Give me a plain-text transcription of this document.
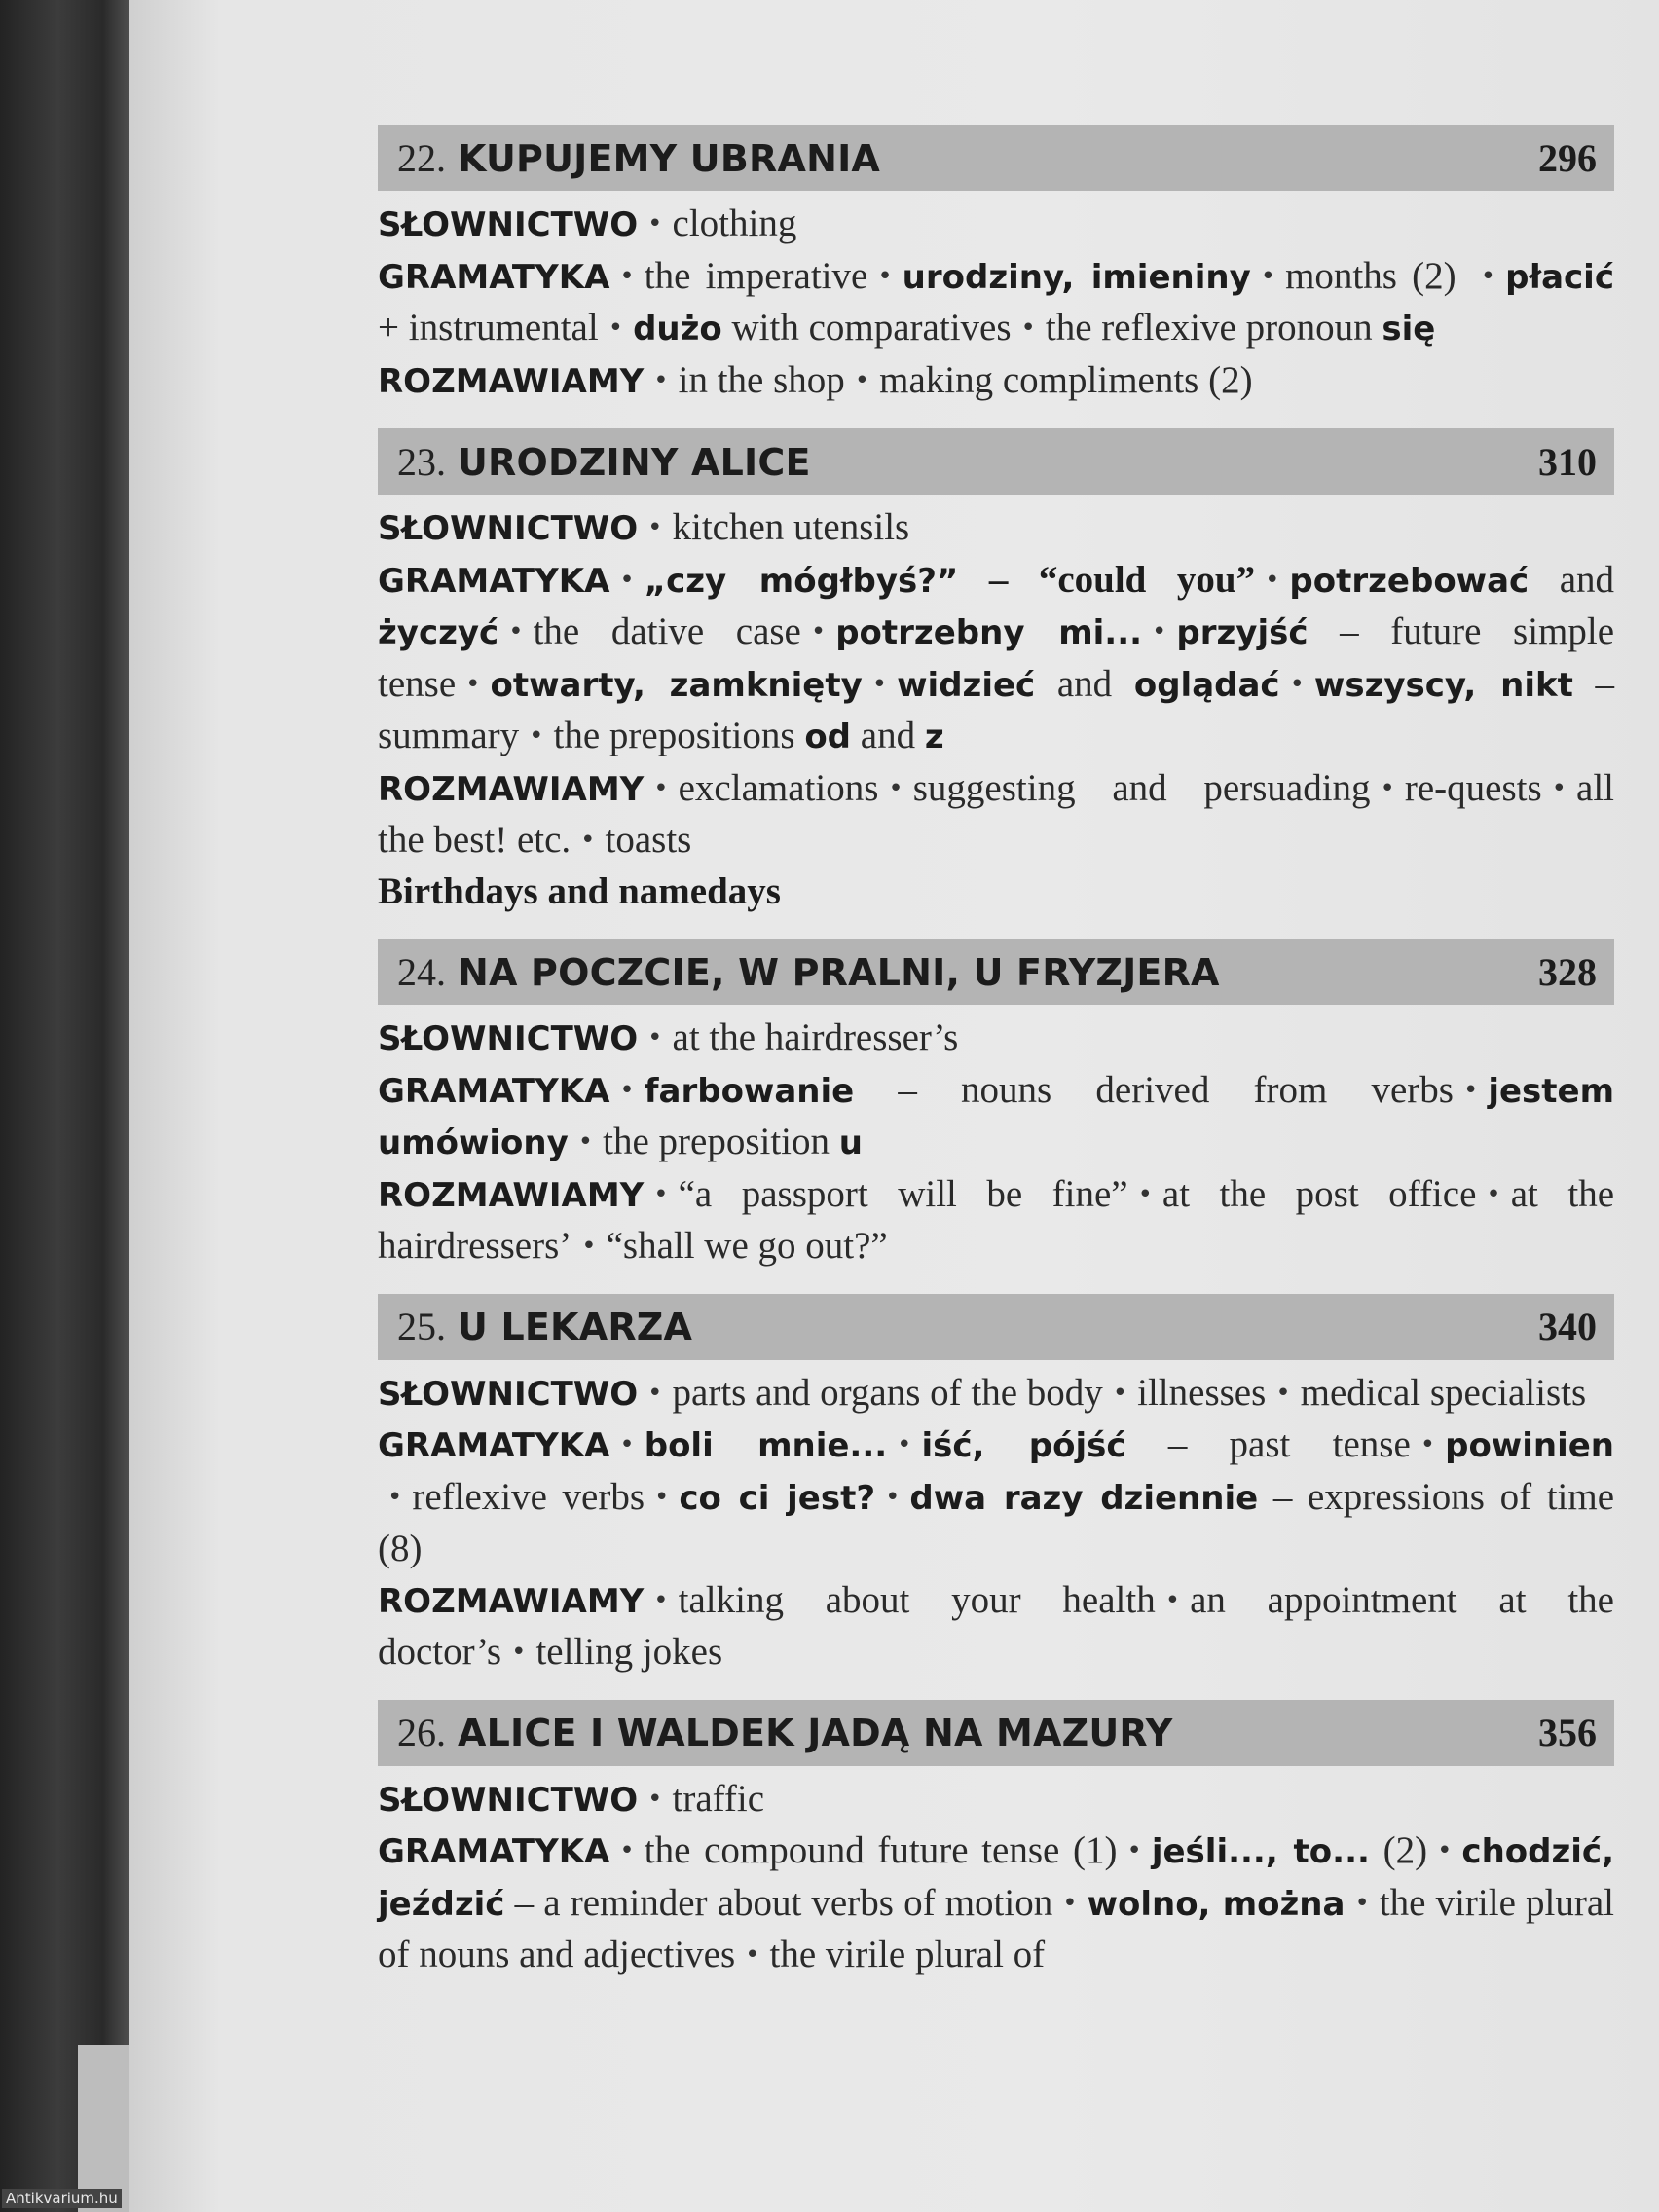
Antikvarium.hu
22. KUPUJEMY UBRANIA	296
SŁOWNICTWO • clothing
GRAMATYKA • the imperative • urodziny, imieniny • months (2) • płacić + instrumental • dużo with comparatives • the reflexive pronoun się
ROZMAWIAMY • in the shop • making compliments (2)
23. URODZINY ALICE	310
SŁOWNICTWO • kitchen utensils
GRAMATYKA • „czy mógłbyś?” – “could you” • potrzebować and życzyć • the dative case • potrzebny mi... • przyjść – future simple tense • otwarty, zamknięty • widzieć and oglądać • wszyscy, nikt – summary • the prepositions od and z
ROZMAWIAMY • exclamations • suggesting and persuading • re-quests • all the best! etc. • toasts
Birthdays and namedays
24. NA POCZCIE, W PRALNI, U FRYZJERA	328
SŁOWNICTWO • at the hairdresser’s
GRAMATYKA • farbowanie – nouns derived from verbs • jestem umówiony • the preposition u
ROZMAWIAMY • “a passport will be fine” • at the post office • at the hairdressers’ • “shall we go out?”
25. U LEKARZA	340
SŁOWNICTWO • parts and organs of the body • illnesses • medical specialists
GRAMATYKA • boli mnie... • iść, pójść – past tense • powinien • reflexive verbs • co ci jest? • dwa razy dziennie – expressions of time (8)
ROZMAWIAMY • talking about your health • an appointment at the doctor’s • telling jokes
26. ALICE I WALDEK JADĄ NA MAZURY	356
SŁOWNICTWO • traffic
GRAMATYKA • the compound future tense (1) • jeśli..., to... (2) • chodzić, jeździć – a reminder about verbs of motion • wolno, można • the virile plural of nouns and adjectives • the virile plural of
